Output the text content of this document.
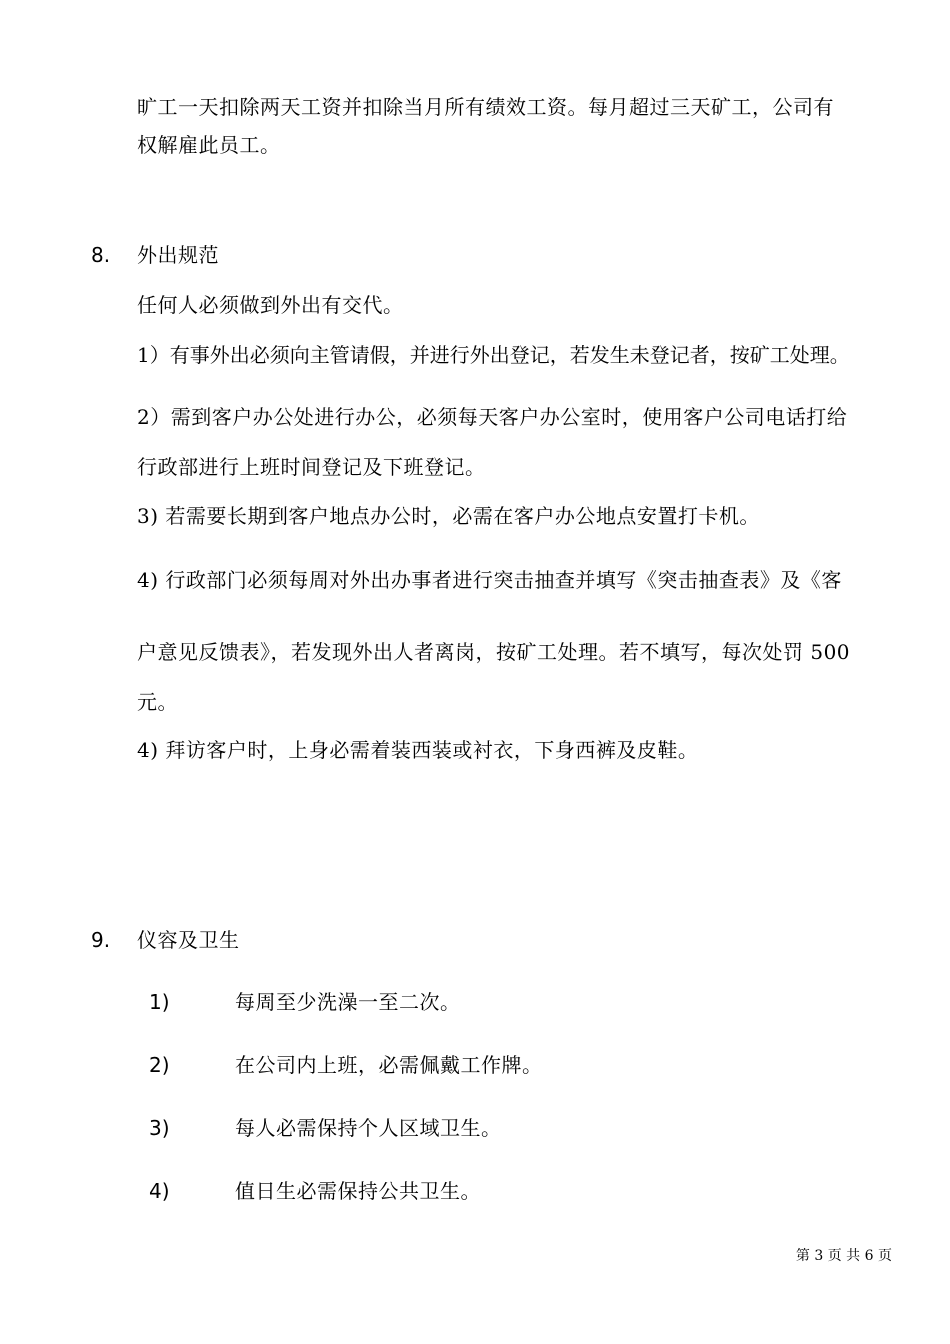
旷工一天扣除两天工资并扣除当月所有绩效工资。每月超过三天矿工，公司有
权解雇此员工。
8. 外出规范
任何人必须做到外出有交代。
1）有事外出必须向主管请假，并进行外出登记，若发生未登记者，按矿工处理。
2）需到客户办公处进行办公，必须每天客户办公室时，使用客户公司电话打给
行政部进行上班时间登记及下班登记。
3) 若需要长期到客户地点办公时，必需在客户办公地点安置打卡机。
4) 行政部门必须每周对外出办事者进行突击抽查并填写《突击抽查表》及《客
户意见反馈表》，若发现外出人者离岗，按矿工处理。若不填写，每次处罚 500
元。
4) 拜访客户时，上身必需着装西装或衬衣，下身西裤及皮鞋。
9. 仪容及卫生
1)	每周至少洗澡一至二次。
2)	在公司内上班，必需佩戴工作牌。
3)	每人必需保持个人区域卫生。
4)	值日生必需保持公共卫生。
第 3 页 共 6 页
